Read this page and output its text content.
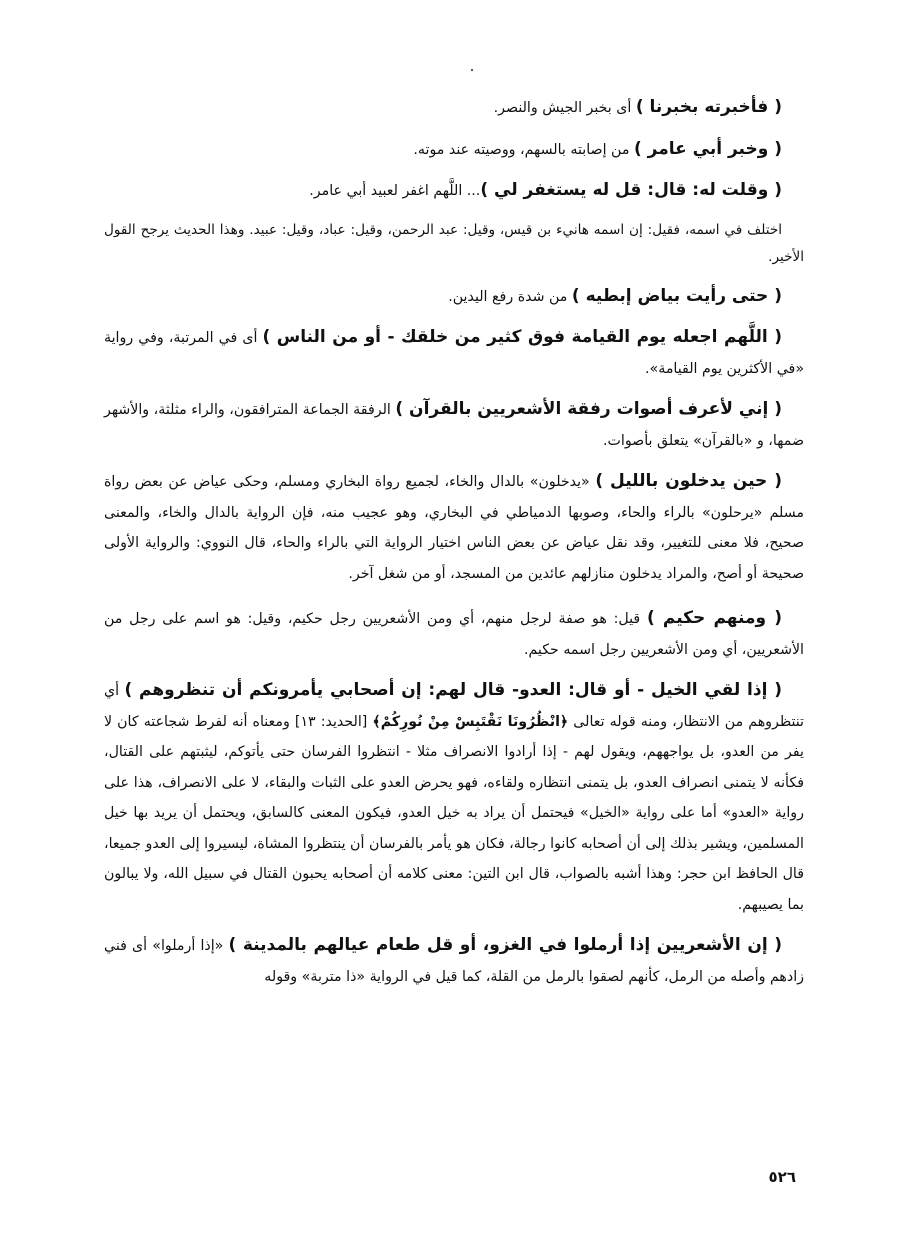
( فأخبرته بخبرنا ) أى بخبر الجيش والنصر.

( وخبر أبي عامر ) من إصابته بالسهم، ووصيته عند موته.

( وقلت له: قال: قل له يستغفر لي )... اللَّهم اغفر لعبيد أبي عامر.

اختلف في اسمه، فقيل: إن اسمه هانيء بن قيس، وقيل: عبد الرحمن، وقيل: عباد، وقيل: عبيد. وهذا الحديث يرجح القول الأخير.

( حتى رأيت بياض إبطيه ) من شدة رفع اليدين.

( اللَّهم اجعله يوم القيامة فوق كثير من خلقك - أو من الناس ) أى في المرتبة، وفي رواية «في الأكثرين يوم القيامة».

( إني لأعرف أصوات رفقة الأشعريين بالقرآن ) الرفقة الجماعة المترافقون، والراء مثلثة، والأشهر ضمها، و «بالقرآن» يتعلق بأصوات.

( حين يدخلون بالليل ) «يدخلون» بالدال والخاء، لجميع رواة البخاري ومسلم، وحكى عياض عن بعض رواة مسلم «يرحلون» بالراء والحاء، وصوبها الدمياطي في البخاري، وهو عجيب منه، فإن الرواية بالدال والخاء، والمعنى صحيح، فلا معنى للتغيير، وقد نقل عياض عن بعض الناس اختيار الرواية التي بالراء والحاء، قال النووي: والرواية الأولى صحيحة أو أصح، والمراد يدخلون منازلهم عائدين من المسجد، أو من شغل آخر.

( ومنهم حكيم ) قيل: هو صفة لرجل منهم، أي ومن الأشعريين رجل حكيم، وقيل: هو اسم على رجل من الأشعريين، أي ومن الأشعريين رجل اسمه حكيم.

( إذا لقي الخيل - أو قال: العدو- قال لهم: إن أصحابي يأمرونكم أن تنظروهم ) أي تنتظروهم من الانتظار، ومنه قوله تعالى ﴿انْظُرُونَا نَقْتَبِسْ مِنْ نُورِكُمْ﴾ [الحديد: ١٣] ومعناه أنه لفرط شجاعته كان لا يفر من العدو، بل يواجههم، ويقول لهم - إذا أرادوا الانصراف مثلا - انتظروا الفرسان حتى يأتوكم، ليثبتهم على القتال، فكأنه لا يتمنى انصراف العدو، بل يتمنى انتظاره ولقاءه، فهو يحرض العدو على الثبات والبقاء، لا على الانصراف، هذا على رواية «العدو» أما على رواية «الخيل» فيحتمل أن يراد به خيل العدو، فيكون المعنى كالسابق، ويحتمل أن يريد بها خيل المسلمين، ويشير بذلك إلى أن أصحابه كانوا رجالة، فكان هو يأمر بالفرسان أن ينتظروا المشاة، ليسيروا إلى العدو جميعا، قال الحافظ ابن حجر: وهذا أشبه بالصواب، قال ابن التين: معنى كلامه أن أصحابه يحبون القتال في سبيل الله، ولا يبالون بما يصيبهم.

( إن الأشعريين إذا أرملوا في الغزو، أو قل طعام عيالهم بالمدينة ) «إذا أرملوا» أى فني زادهم وأصله من الرمل، كأنهم لصقوا بالرمل من القلة، كما قيل في الرواية «ذا متربة» وقوله

٥٢٦
